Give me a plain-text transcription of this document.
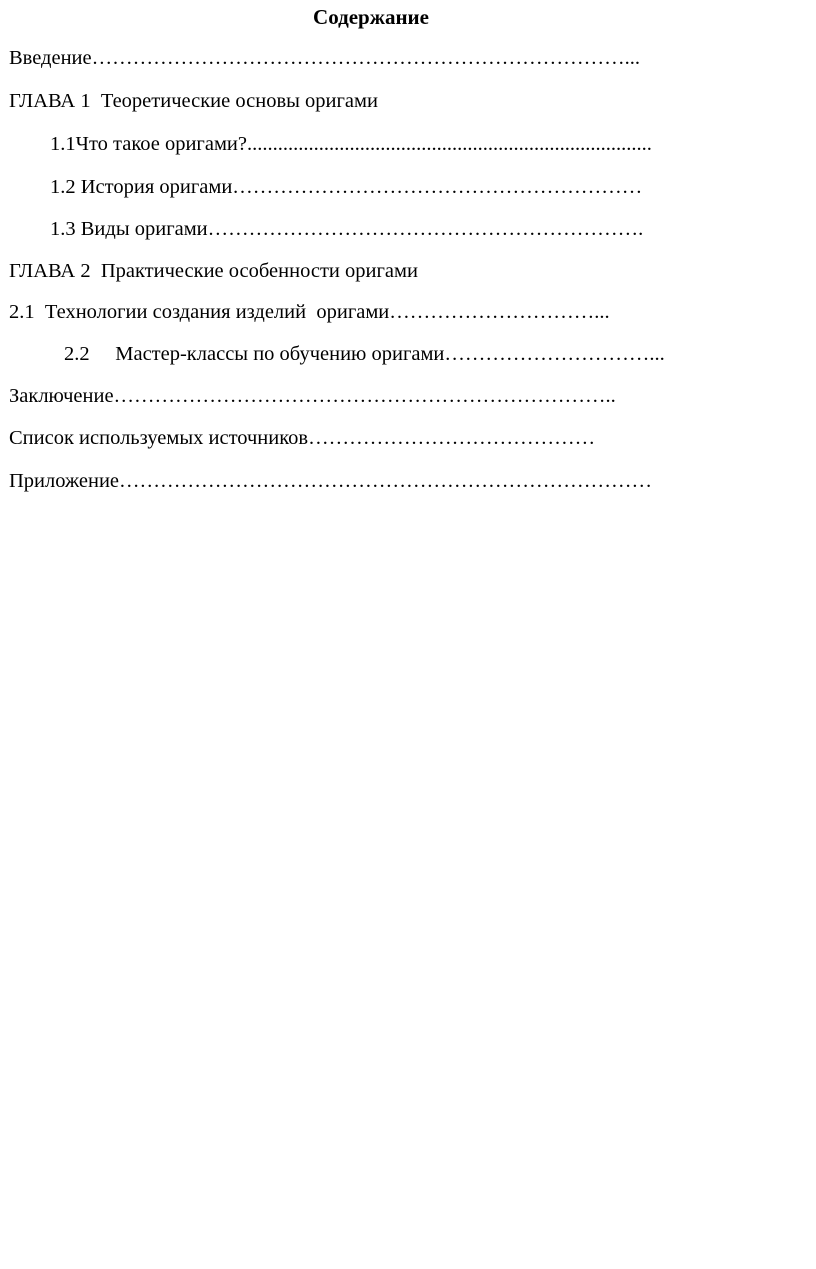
Содержание

Введение……………………………………………………………………...

ГЛАВА 1  Теоретические основы оригами

1.1Что такое оригами?...............................................................................

1.2 История оригами……………………………………………………

1.3 Виды оригами……………………………………………………….

ГЛАВА 2  Практические особенности оригами

2.1  Технологии создания изделий  оригами…………………………...

2.2     Мастер-классы по обучению оригами…………………………...

Заключение………………………………………………………………..

Список используемых источников……………………………………

Приложение……………………………………………………………………
